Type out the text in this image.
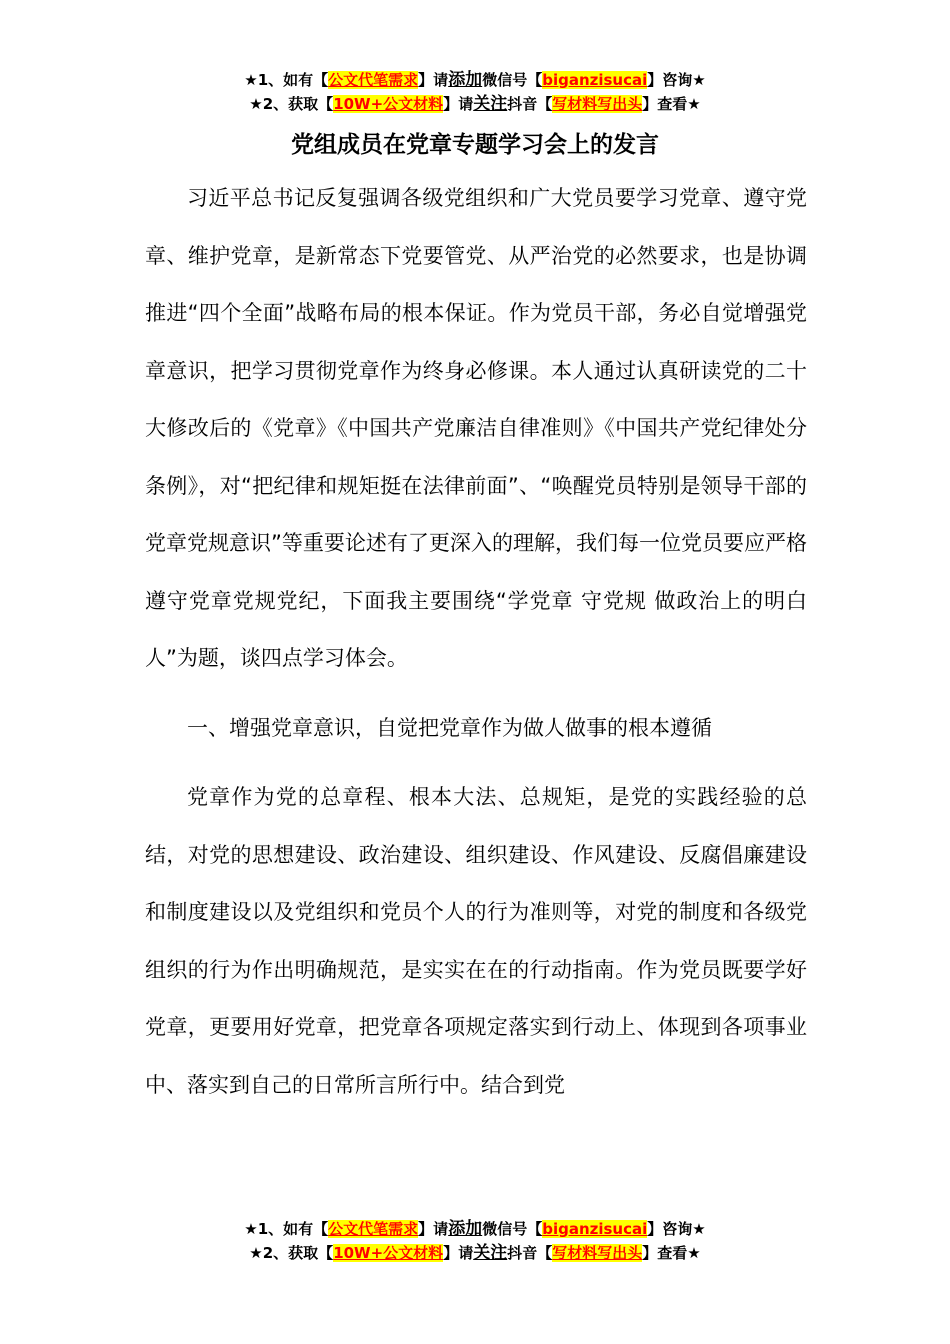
★1、如有【公文代笔需求】请添加微信号【biganzisucai】咨询★
★2、获取【10W+公文材料】请关注抖音【写材料写出头】查看★
党组成员在党章专题学习会上的发言

习近平总书记反复强调各级党组织和广大党员要学习党章、遵守党章、维护党章，是新常态下党要管党、从严治党的必然要求，也是协调推进“四个全面”战略布局的根本保证。作为党员干部，务必自觉增强党章意识，把学习贯彻党章作为终身必修课。本人通过认真研读党的二十大修改后的《党章》《中国共产党廉洁自律准则》《中国共产党纪律处分条例》，对“把纪律和规矩挺在法律前面”、“唤醒党员特别是领导干部的党章党规意识”等重要论述有了更深入的理解，我们每一位党员要应严格遵守党章党规党纪，下面我主要围绕“学党章 守党规 做政治上的明白人”为题，谈四点学习体会。

一、增强党章意识，自觉把党章作为做人做事的根本遵循

党章作为党的总章程、根本大法、总规矩，是党的实践经验的总结，对党的思想建设、政治建设、组织建设、作风建设、反腐倡廉建设和制度建设以及党组织和党员个人的行为准则等，对党的制度和各级党组织的行为作出明确规范，是实实在在的行动指南。作为党员既要学好党章，更要用好党章，把党章各项规定落实到行动上、体现到各项事业中、落实到自己的日常所言所行中。结合到党

★1、如有【公文代笔需求】请添加微信号【biganzisucai】咨询★
★2、获取【10W+公文材料】请关注抖音【写材料写出头】查看★
